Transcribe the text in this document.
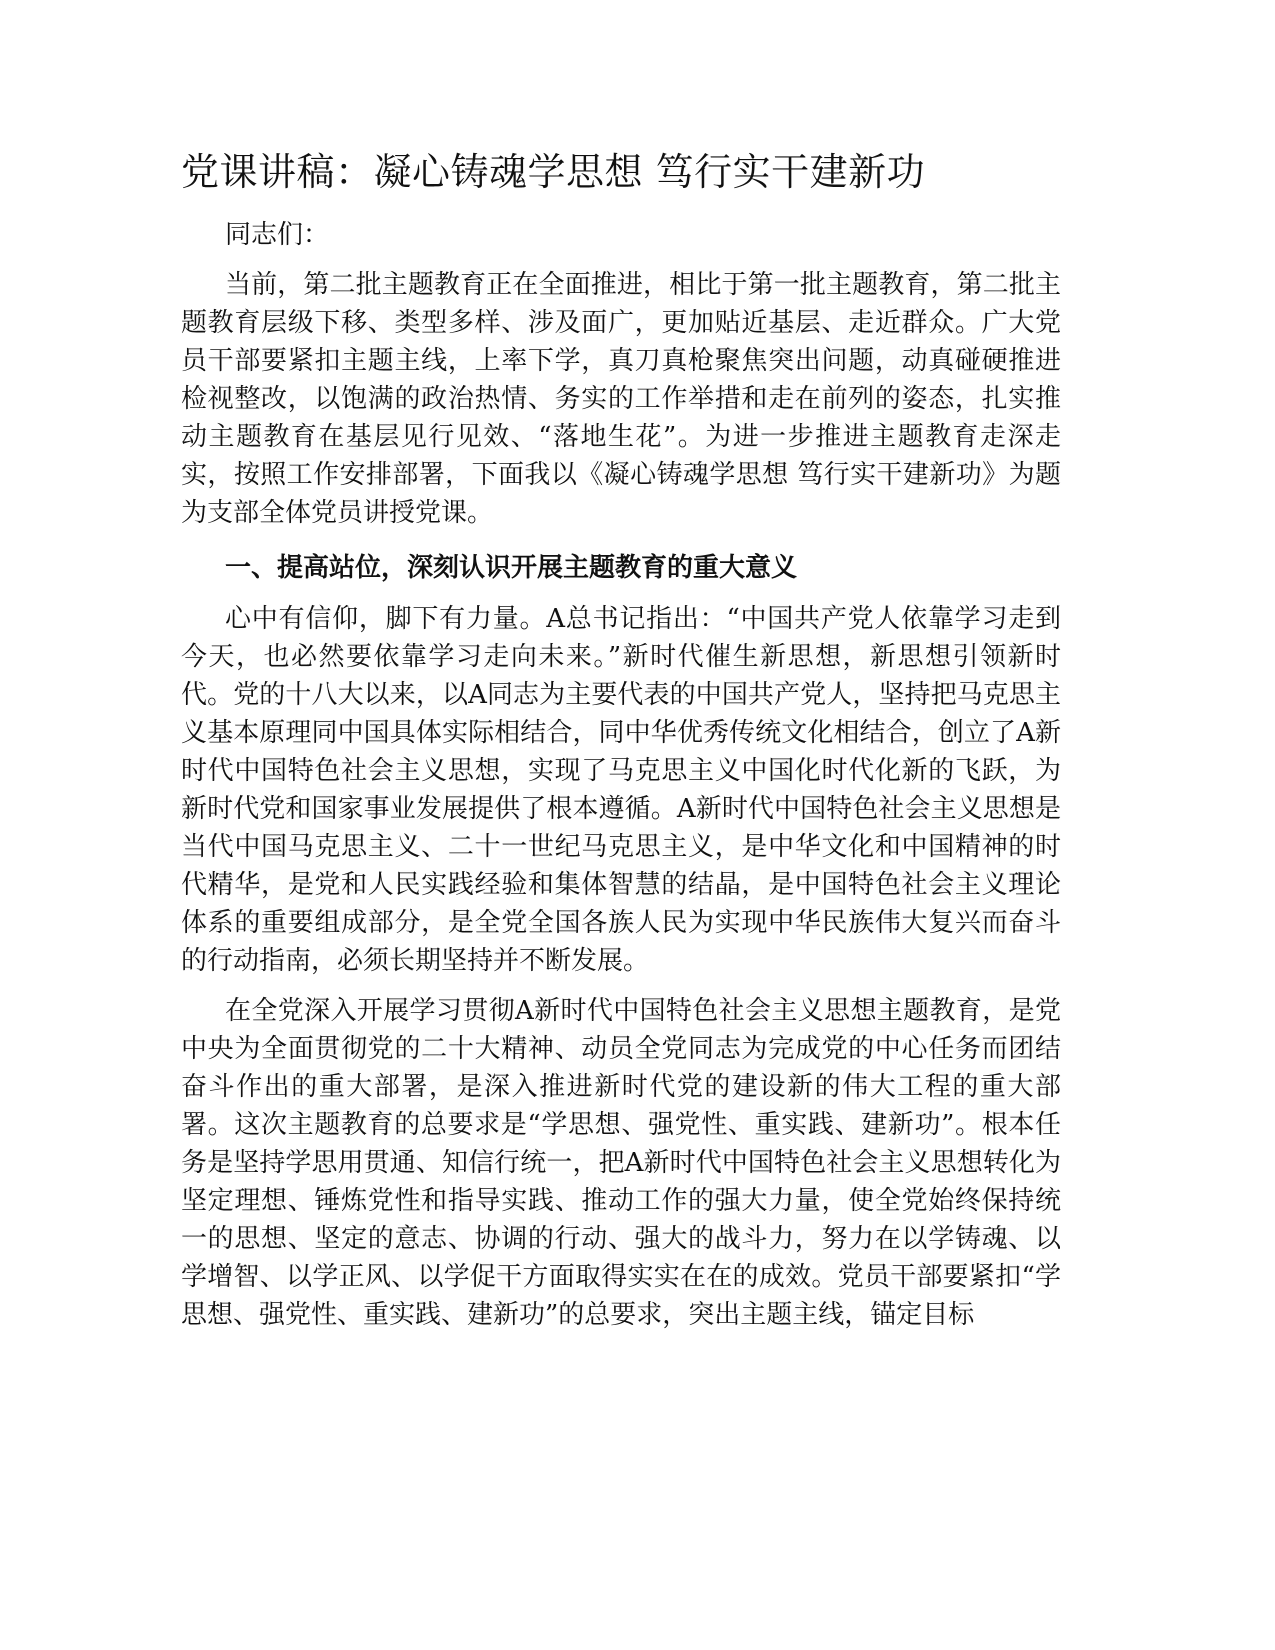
党课讲稿：凝心铸魂学思想 笃行实干建新功

同志们：

当前，第二批主题教育正在全面推进，相比于第一批主题教育，第二批主题教育层级下移、类型多样、涉及面广，更加贴近基层、走近群众。广大党员干部要紧扣主题主线，上率下学，真刀真枪聚焦突出问题，动真碰硬推进检视整改，以饱满的政治热情、务实的工作举措和走在前列的姿态，扎实推动主题教育在基层见行见效、“落地生花”。为进一步推进主题教育走深走实，按照工作安排部署，下面我以《凝心铸魂学思想 笃行实干建新功》为题为支部全体党员讲授党课。

一、提高站位，深刻认识开展主题教育的重大意义

心中有信仰，脚下有力量。A总书记指出：“中国共产党人依靠学习走到今天，也必然要依靠学习走向未来。”新时代催生新思想，新思想引领新时代。党的十八大以来，以A同志为主要代表的中国共产党人，坚持把马克思主义基本原理同中国具体实际相结合，同中华优秀传统文化相结合，创立了A新时代中国特色社会主义思想，实现了马克思主义中国化时代化新的飞跃，为新时代党和国家事业发展提供了根本遵循。A新时代中国特色社会主义思想是当代中国马克思主义、二十一世纪马克思主义，是中华文化和中国精神的时代精华，是党和人民实践经验和集体智慧的结晶，是中国特色社会主义理论体系的重要组成部分，是全党全国各族人民为实现中华民族伟大复兴而奋斗的行动指南，必须长期坚持并不断发展。

在全党深入开展学习贯彻A新时代中国特色社会主义思想主题教育，是党中央为全面贯彻党的二十大精神、动员全党同志为完成党的中心任务而团结奋斗作出的重大部署，是深入推进新时代党的建设新的伟大工程的重大部署。这次主题教育的总要求是“学思想、强党性、重实践、建新功”。根本任务是坚持学思用贯通、知信行统一，把A新时代中国特色社会主义思想转化为坚定理想、锤炼党性和指导实践、推动工作的强大力量，使全党始终保持统一的思想、坚定的意志、协调的行动、强大的战斗力，努力在以学铸魂、以学增智、以学正风、以学促干方面取得实实在在的成效。党员干部要紧扣“学思想、强党性、重实践、建新功”的总要求，突出主题主线，锚定目标
